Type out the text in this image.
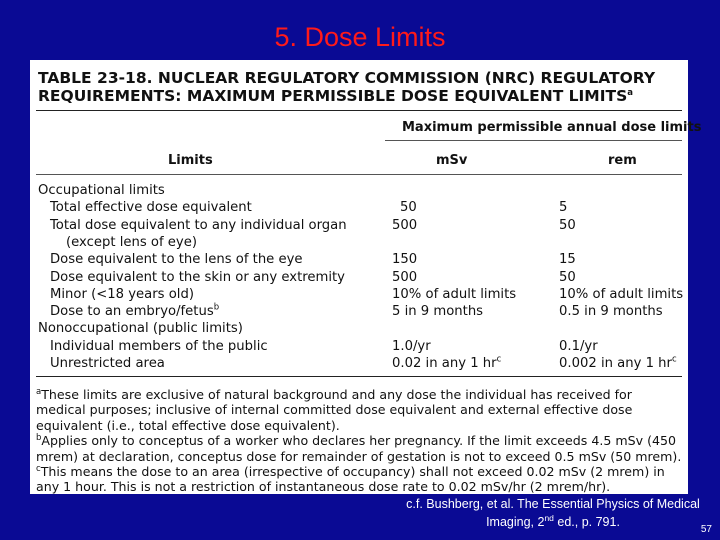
5. Dose Limits
TABLE 23-18. NUCLEAR REGULATORY COMMISSION (NRC) REGULATORY
REQUIREMENTS: MAXIMUM PERMISSIBLE DOSE EQUIVALENT LIMITS$^a$
Maximum permissible annual dose limits
Limits	mSv	rem
Occupational limits
Total effective dose equivalent	50	5
Total dose equivalent to any individual organ	500	50
(except lens of eye)
Dose equivalent to the lens of the eye	150	15
Dose equivalent to the skin or any extremity	500	50
Minor (<18 years old)	10% of adult limits	10% of adult limits
Dose to an embryo/fetus$^b$	5 in 9 months	0.5 in 9 months
Nonoccupational (public limits)
Individual members of the public	1.0/yr	0.1/yr
Unrestricted area	0.02 in any 1 $hr^c$	0.002 in any 1 $hr^c$

$^a$These limits are exclusive of natural background and any dose the individual has received for medical purposes; inclusive of internal committed dose equivalent and external effective dose equivalent (i.e., total effective dose equivalent).

$^b$Applies only to conceptus of a worker who declares her pregnancy. If the limit exceeds 4.5 mSv (450 mrem) at declaration, conceptus dose for remainder of gestation is not to exceed 0.5 mSv (50 mrem).

$^c$This means the dose to an area (irrespective of occupancy) shall not exceed 0.02 mSv (2 mrem) in any 1 hour. This is not a restriction of instantaneous dose rate to 0.02 mSv/hr (2 mrem/hr).

c.f. Bushberg, et al. The Essential Physics of Medical
Imaging, 2nd ed., p. 791.
57
